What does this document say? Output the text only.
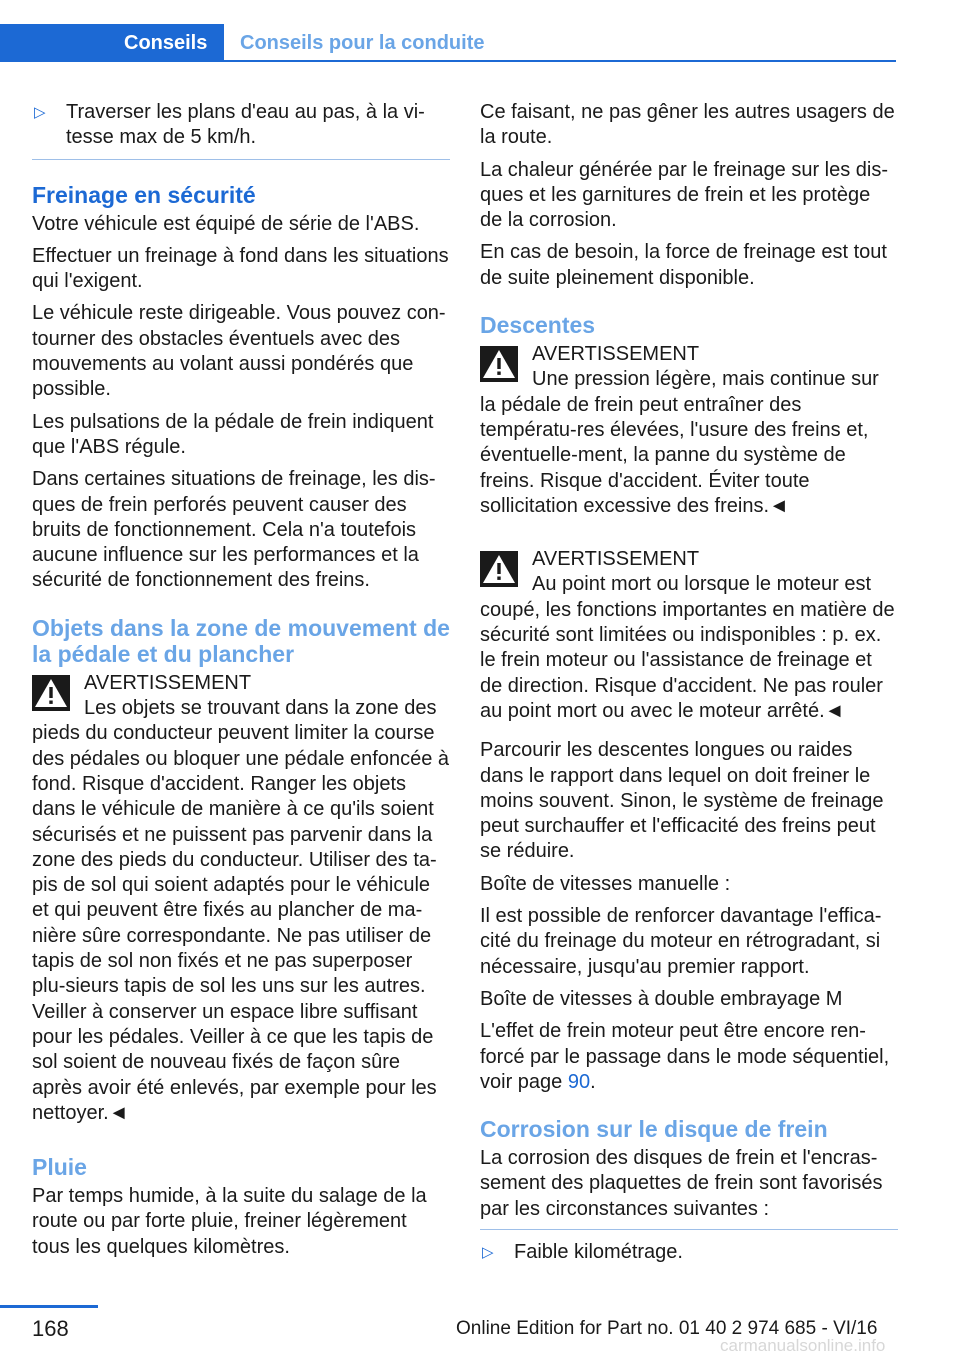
Conseils	Conseils pour la conduite
▷ Traverser les plans d'eau au pas, à la vi-tesse max de 5 km/h.
Freinage en sécurité

Votre véhicule est équipé de série de l'ABS.

Effectuer un freinage à fond dans les situations qui l'exigent.

Le véhicule reste dirigeable. Vous pouvez con-tourner des obstacles éventuels avec des mouvements au volant aussi pondérés que possible.

Les pulsations de la pédale de frein indiquent que l'ABS régule.

Dans certaines situations de freinage, les dis-ques de frein perforés peuvent causer des bruits de fonctionnement. Cela n'a toutefois aucune influence sur les performances et la sécurité de fonctionnement des freins.

Objets dans la zone de mouvement de la pédale et du plancher
AVERTISSEMENT
Les objets se trouvant dans la zone des pieds du conducteur peuvent limiter la course des pédales ou bloquer une pédale enfoncée à fond. Risque d'accident. Ranger les objets dans le véhicule de manière à ce qu'ils soient sécurisés et ne puissent pas parvenir dans la zone des pieds du conducteur. Utiliser des ta-pis de sol qui soient adaptés pour le véhicule et qui peuvent être fixés au plancher de ma-nière sûre correspondante. Ne pas utiliser de tapis de sol non fixés et ne pas superposer plu-sieurs tapis de sol les uns sur les autres. Veiller à conserver un espace libre suffisant pour les pédales. Veiller à ce que les tapis de sol soient de nouveau fixés de façon sûre après avoir été enlevés, par exemple pour les nettoyer.◄
Pluie

Par temps humide, à la suite du salage de la route ou par forte pluie, freiner légèrement tous les quelques kilomètres.

Ce faisant, ne pas gêner les autres usagers de la route.

La chaleur générée par le freinage sur les dis-ques et les garnitures de frein et les protège de la corrosion.

En cas de besoin, la force de freinage est tout de suite pleinement disponible.

Descentes
AVERTISSEMENT
Une pression légère, mais continue sur la pédale de frein peut entraîner des températu-res élevées, l'usure des freins et, éventuelle-ment, la panne du système de freins. Risque d'accident. Éviter toute sollicitation excessive des freins.◄
AVERTISSEMENT
Au point mort ou lorsque le moteur est coupé, les fonctions importantes en matière de sécurité sont limitées ou indisponibles : p. ex. le frein moteur ou l'assistance de freinage et de direction. Risque d'accident. Ne pas rouler au point mort ou avec le moteur arrêté.◄

Parcourir les descentes longues ou raides dans le rapport dans lequel on doit freiner le moins souvent. Sinon, le système de freinage peut surchauffer et l'efficacité des freins peut se réduire.

Boîte de vitesses manuelle :

Il est possible de renforcer davantage l'effica-cité du freinage du moteur en rétrogradant, si nécessaire, jusqu'au premier rapport.

Boîte de vitesses à double embrayage M

L'effet de frein moteur peut être encore ren-forcé par le passage dans le mode séquentiel, voir page 90.

Corrosion sur le disque de frein

La corrosion des disques de frein et l'encras-sement des plaquettes de frein sont favorisés par les circonstances suivantes :

▷ Faible kilométrage.
168	Online Edition for Part no. 01 40 2 974 685 - VI/16
carmanualsonline.info
